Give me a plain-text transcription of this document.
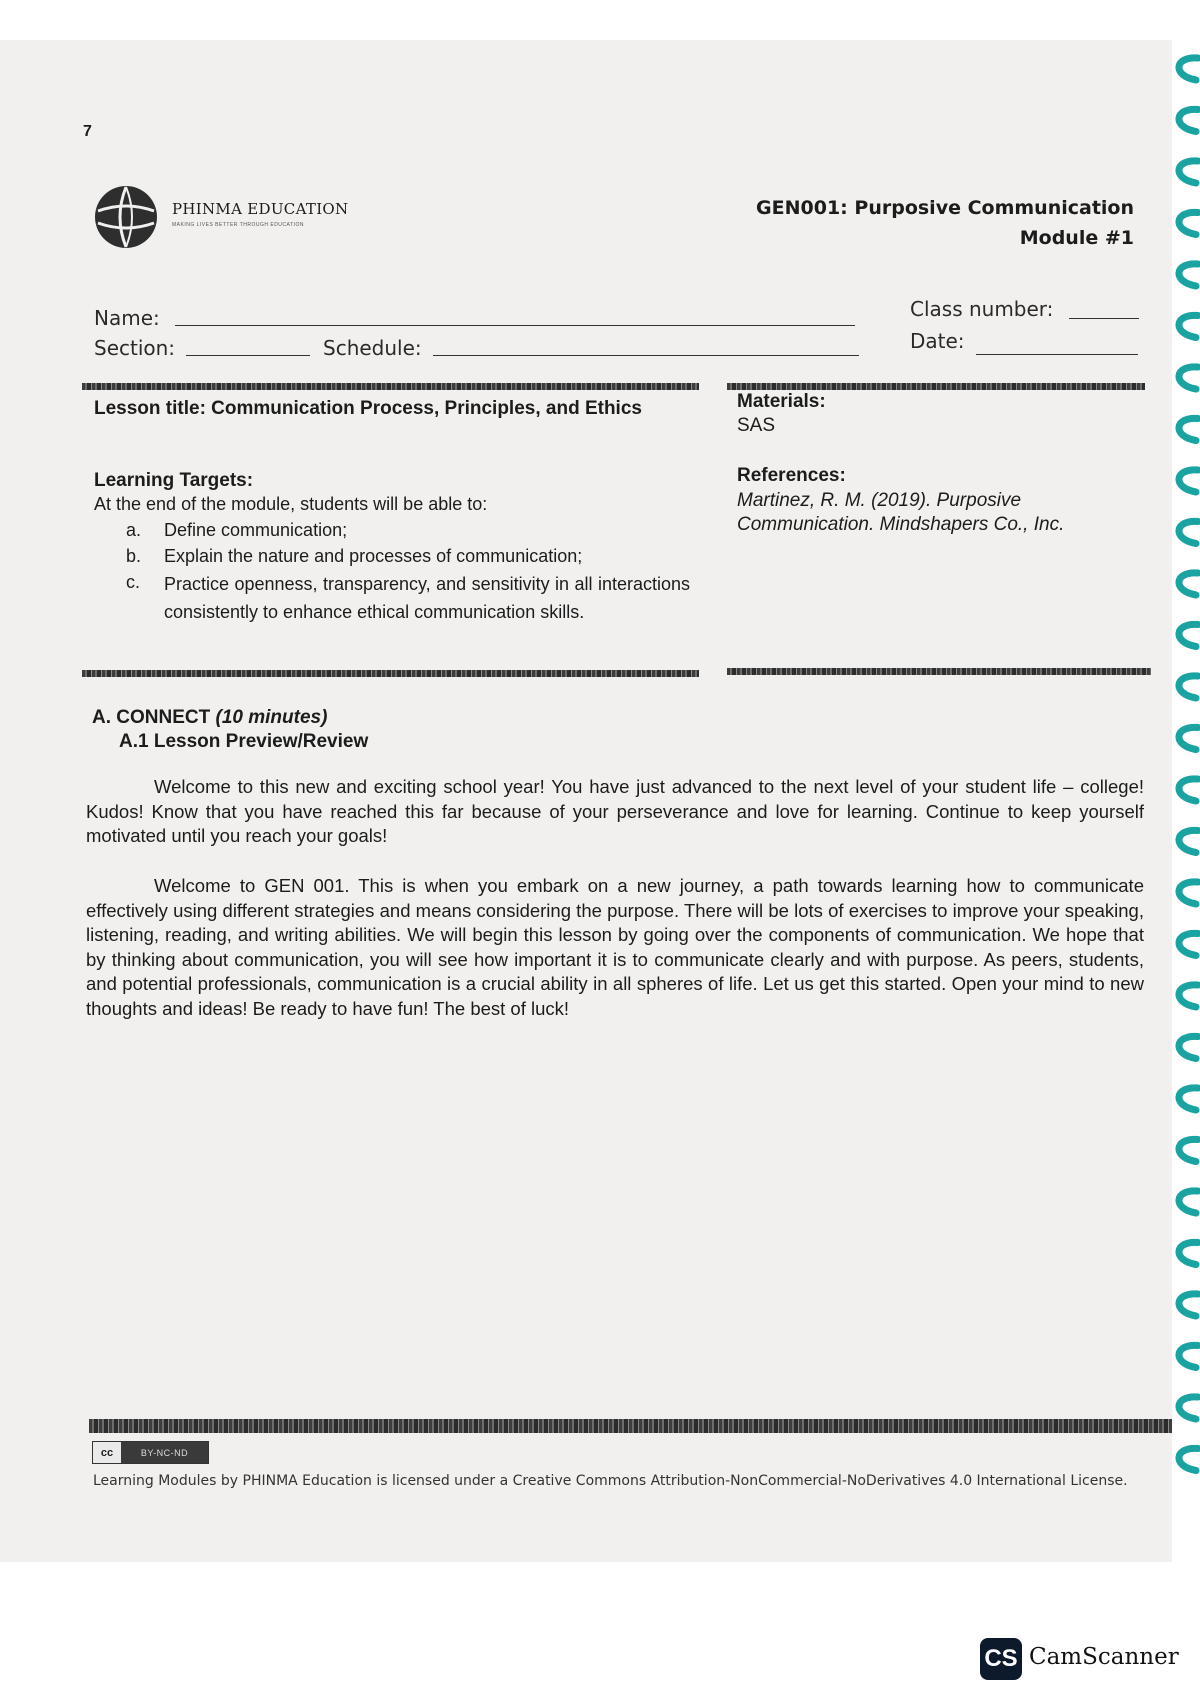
7
PHINMA EDUCATION
MAKING LIVES BETTER THROUGH EDUCATION
GEN001: Purposive Communication
Module #1
Name:
Section:	Schedule:
Class number:
Date:
Lesson title: Communication Process, Principles, and Ethics
Learning Targets:
At the end of the module, students will be able to:
a.	Define communication;
b.	Explain the nature and processes of communication;
c.	Practice openness, transparency, and sensitivity in all interactions consistently to enhance ethical communication skills.
Materials:
SAS
References:
Martinez, R. M. (2019). Purposive Communication. Mindshapers Co., Inc.
A. CONNECT (10 minutes)
A.1 Lesson Preview/Review
Welcome to this new and exciting school year! You have just advanced to the next level of your student life – college! Kudos! Know that you have reached this far because of your perseverance and love for learning. Continue to keep yourself motivated until you reach your goals!
Welcome to GEN 001. This is when you embark on a new journey, a path towards learning how to communicate effectively using different strategies and means considering the purpose. There will be lots of exercises to improve your speaking, listening, reading, and writing abilities. We will begin this lesson by going over the components of communication. We hope that by thinking about communication, you will see how important it is to communicate clearly and with purpose. As peers, students, and potential professionals, communication is a crucial ability in all spheres of life. Let us get this started. Open your mind to new thoughts and ideas! Be ready to have fun! The best of luck!
cc	BY-NC-ND
Learning Modules by PHINMA Education is licensed under a Creative Commons Attribution-NonCommercial-NoDerivatives 4.0 International License.
CS CamScanner
